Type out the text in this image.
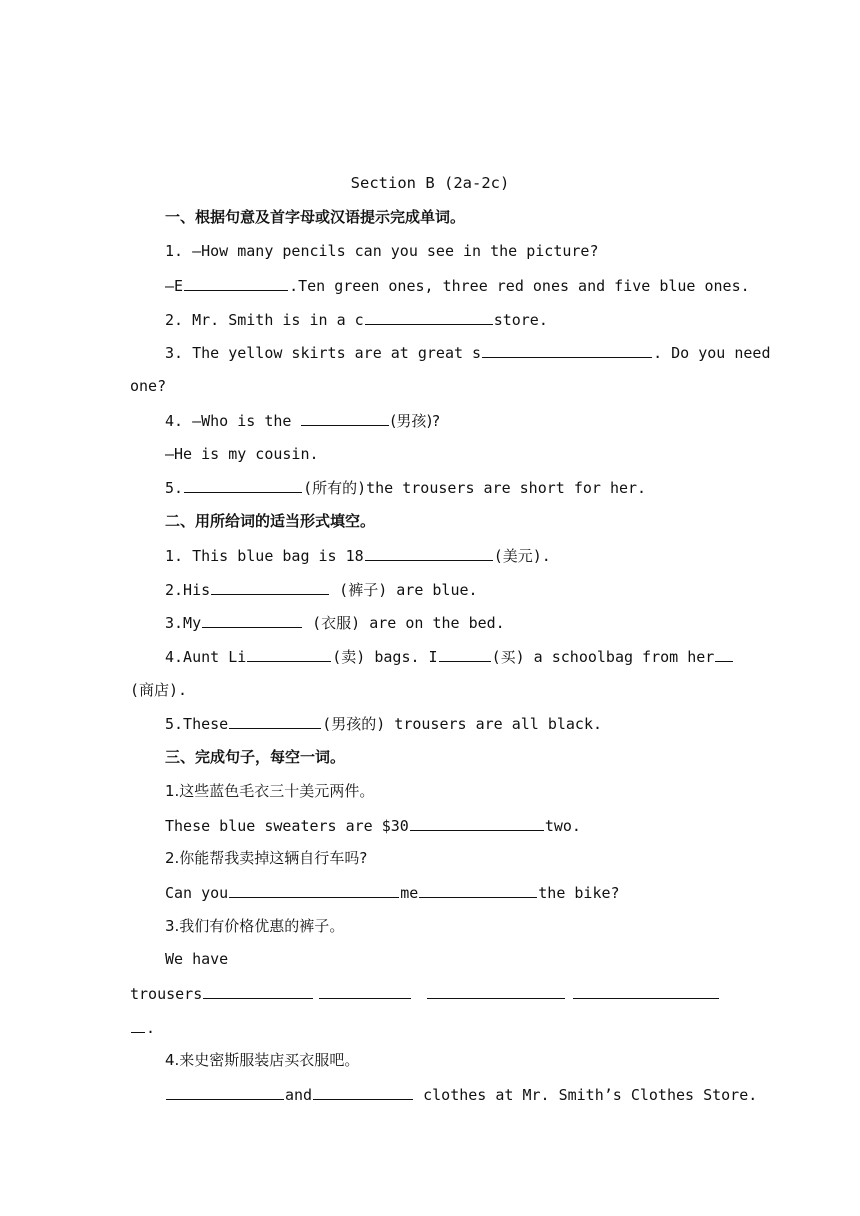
Section B (2a-2c)
一、根据句意及首字母或汉语提示完成单词。
1. —How many pencils can you see in the picture?
—E	.Ten green ones, three red ones and five blue ones.
2. Mr. Smith is in a c	store.
3. The yellow skirts are at great s	. Do you need
one?
4. —Who is the	(男孩)?
—He is my cousin.
5.	(所有的)the trousers are short for her.
二、用所给词的适当形式填空。
1. This blue bag is 18	(美元).
2.His	(裤子) are blue.
3.My	(衣服) are on the bed.
4.Aunt Li	(卖) bags. I	(买) a schoolbag from her
(商店).
5.These	(男孩的) trousers are all black.
三、完成句子，每空一词。
1.这些蓝色毛衣三十美元两件。
These blue sweaters are $30	two.
2.你能帮我卖掉这辆自行车吗?
Can you	me	the bike?
3.我们有价格优惠的裤子。
We have
trousers
.
4.来史密斯服装店买衣服吧。
and	clothes at Mr. Smith’s Clothes Store.
